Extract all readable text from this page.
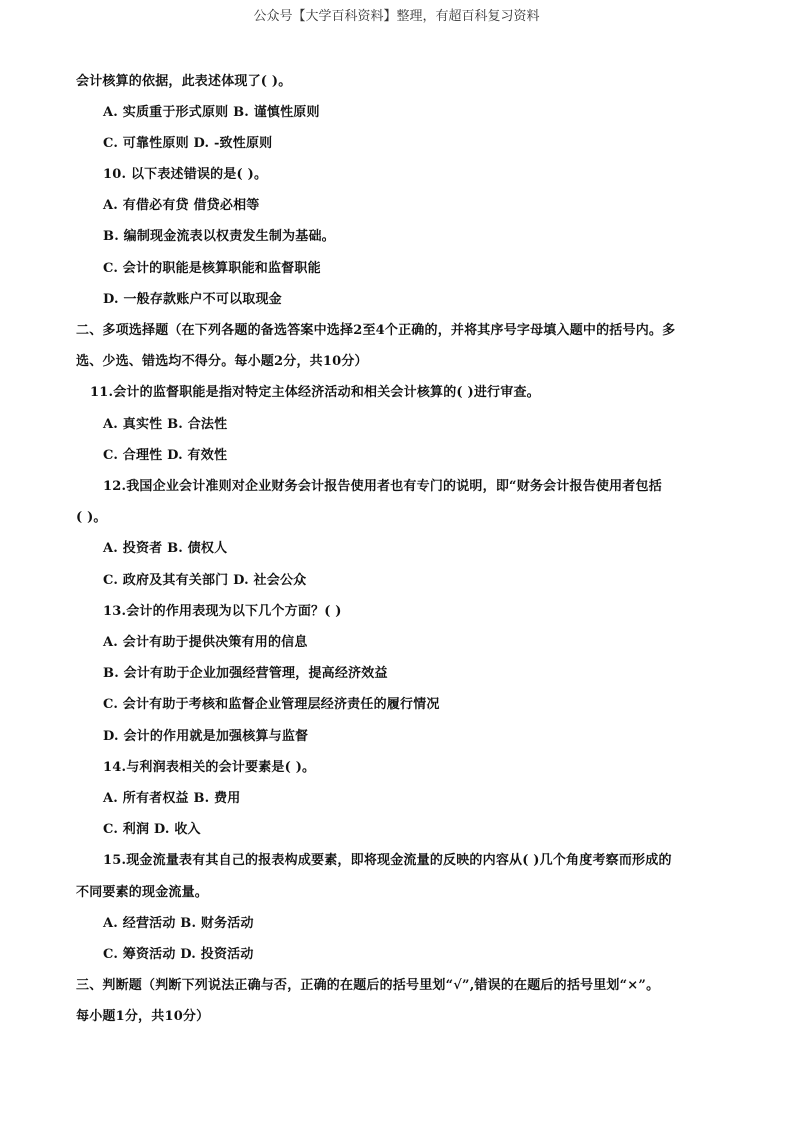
公众号【大学百科资料】整理，有超百科复习资料
会计核算的依据，此表述体现了( )。
A. 实质重于形式原则 B. 谨慎性原则
C. 可靠性原则 D. -致性原则
10. 以下表述错误的是( )。
A. 有借必有贷 借贷必相等
B. 编制现金流表以权责发生制为基础。
C. 会计的职能是核算职能和监督职能
D. 一般存款账户不可以取现金
二、多项选择题（在下列各题的备选答案中选择2至4个正确的，并将其序号字母填入题中的括号内。多
选、少选、错选均不得分。每小题2分，共10分）
11.会计的监督职能是指对特定主体经济活动和相关会计核算的( )进行审查。
A. 真实性 B. 合法性
C. 合理性 D. 有效性
12.我国企业会计准则对企业财务会计报告使用者也有专门的说明，即“财务会计报告使用者包括
( )。
A. 投资者 B. 债权人
C. 政府及其有关部门 D. 社会公众
13.会计的作用表现为以下几个方面？( )
A. 会计有助于提供决策有用的信息
B. 会计有助于企业加强经营管理，提高经济效益
C. 会计有助于考核和监督企业管理层经济责任的履行情况
D. 会计的作用就是加强核算与监督
14.与利润表相关的会计要素是( )。
A. 所有者权益 B. 费用
C. 利润 D. 收入
15.现金流量表有其自己的报表构成要素，即将现金流量的反映的内容从( )几个角度考察而形成的
不同要素的现金流量。
A. 经营活动 B. 财务活动
C. 筹资活动 D. 投资活动
三、判断题（判断下列说法正确与否，正确的在题后的括号里划“√”,错误的在题后的括号里划“×”。
每小题1分，共10分）
